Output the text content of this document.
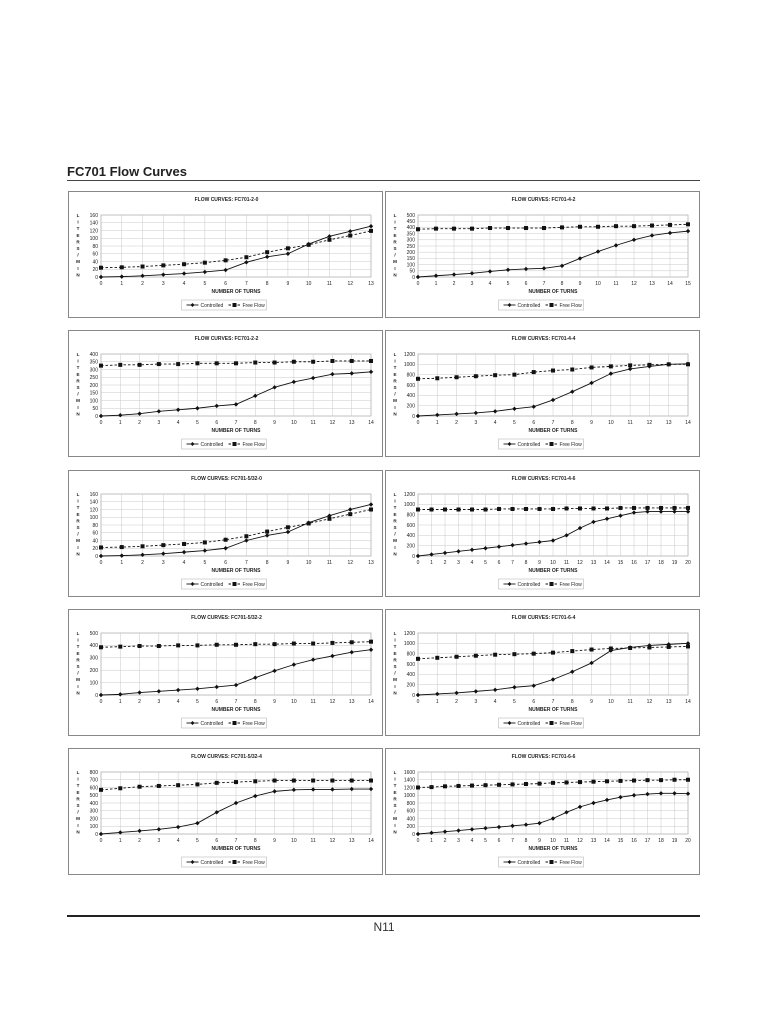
FC701 Flow Curves
FLOW CURVES: FC701-2-0
0
20
40
60
80
100
120
140
160
0	1	2	3	4	5	6	7	8	9	10	11	12	13
L
I
T
E
R
S
/
M
I
N
NUMBER OF TURNS
Controlled	Free Flow
FLOW CURVES: FC701-4-2
0
50
100
150
200
250
300
350
400
450
500
0	1	2	3	4	5	6	7	8	9	10	11	12 13 14 15
L
I
T
E
R
S
/
M
I
N
NUMBER OF TURNS
Controlled	Free Flow
FLOW CURVES: FC701-2-2
0
50
100
150
200
250
300
350
400
0	1	2	3	4	5	6	7	8	9	10	11	12	13	14
L
I
T
E
R
S
/
M
I
N
NUMBER OF TURNS
Controlled	Free Flow
FLOW CURVES: FC701-4-4
0
200
400
600
800
1000
1200
0	1	2	3	4	5	6	7	8	9	10	11	12	13	14
L
I
T
E
R
S
/
M
I
N
NUMBER OF TURNS
Controlled	Free Flow
FLOW CURVES: FC701-5/32-0
0
20
40
60
80
100
120
140
160
0	1	2	3	4	5	6	7	8	9	10	11	12	13
L
I
T
E
R
S
/
M
I
N
NUMBER OF TURNS
Controlled	Free Flow
FLOW CURVES: FC701-4-6
0
200
400
600
800
1000
1200
0 1 2 3 4 5 6 7 8 9 10 11 12 13 14 15 16 17 18 19 20
L
I
T
E
R
S
/
M
I
N
NUMBER OF TURNS
Controlled	Free Flow
FLOW CURVES: FC701-5/32-2
0
100
200
300
400
500
0	1	2	3	4	5	6	7	8	9	10	11	12	13	14
L
I
T
E
R
S
/
M
I
N
NUMBER OF TURNS
Controlled	Free Flow
FLOW CURVES: FC701-6-4
0
200
400
600
800
1000
1200
0	1	2	3	4	5	6	7	8	9	10	11	12	13	14
L
I
T
E
R
S
/
M
I
N
NUMBER OF TURNS
Controlled	Free Flow
FLOW CURVES: FC701-5/32-4
0
100
200
300
400
500
600
700
800
0	1	2	3	4	5	6	7	8	9	10	11	12	13	14
L
I
T
E
R
S
/
M
I
N
NUMBER OF TURNS
Controlled	Free Flow
FLOW CURVES: FC701-6-6
0
200
400
600
800
1000
1200
1400
1600
0 1 2 3 4 5 6 7 8 9 10 11 12 13 14 15 16 17 18 19 20
L
I
T
E
R
S
/
M
I
N
NUMBER OF TURNS
Controlled	Free Flow
N11
